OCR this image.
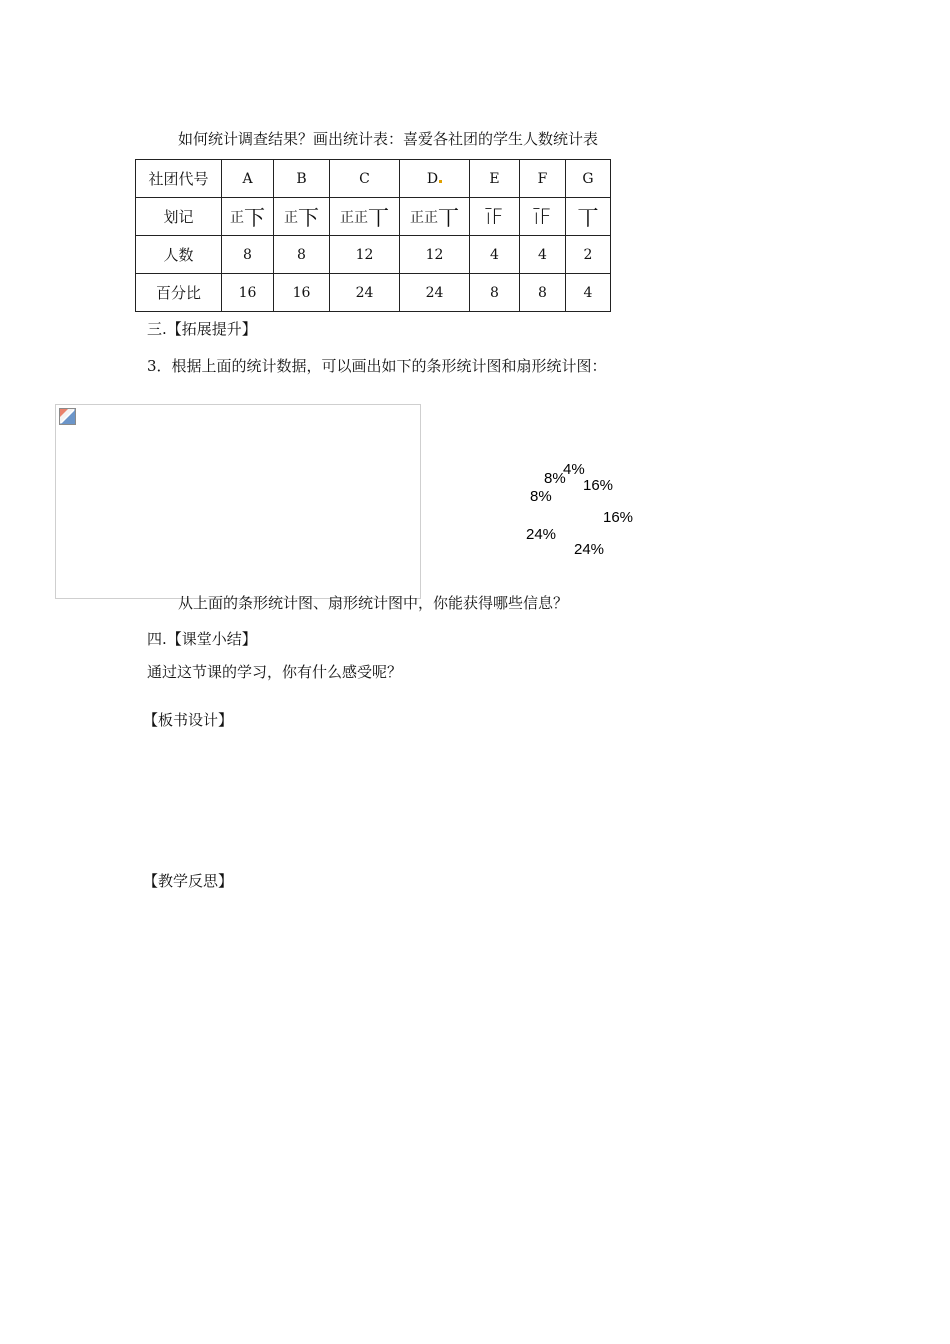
如何统计调查结果？画出统计表：喜爱各社团的学生人数统计表
社团代号	A	B	C	D	E	F	G
划记	正下	正下	正正丅	正正丅	īF	īF	丅
人数	8	8	12	12	4	4	2
百分比	16	16	24	24	8	8	4
三.【拓展提升】
3．根据上面的统计数据，可以画出如下的条形统计图和扇形统计图：
4%
8% 16%
8%
16%
24%
24%
从上面的条形统计图、扇形统计图中，你能获得哪些信息？
四.【课堂小结】
通过这节课的学习，你有什么感受呢？
【板书设计】
【教学反思】
